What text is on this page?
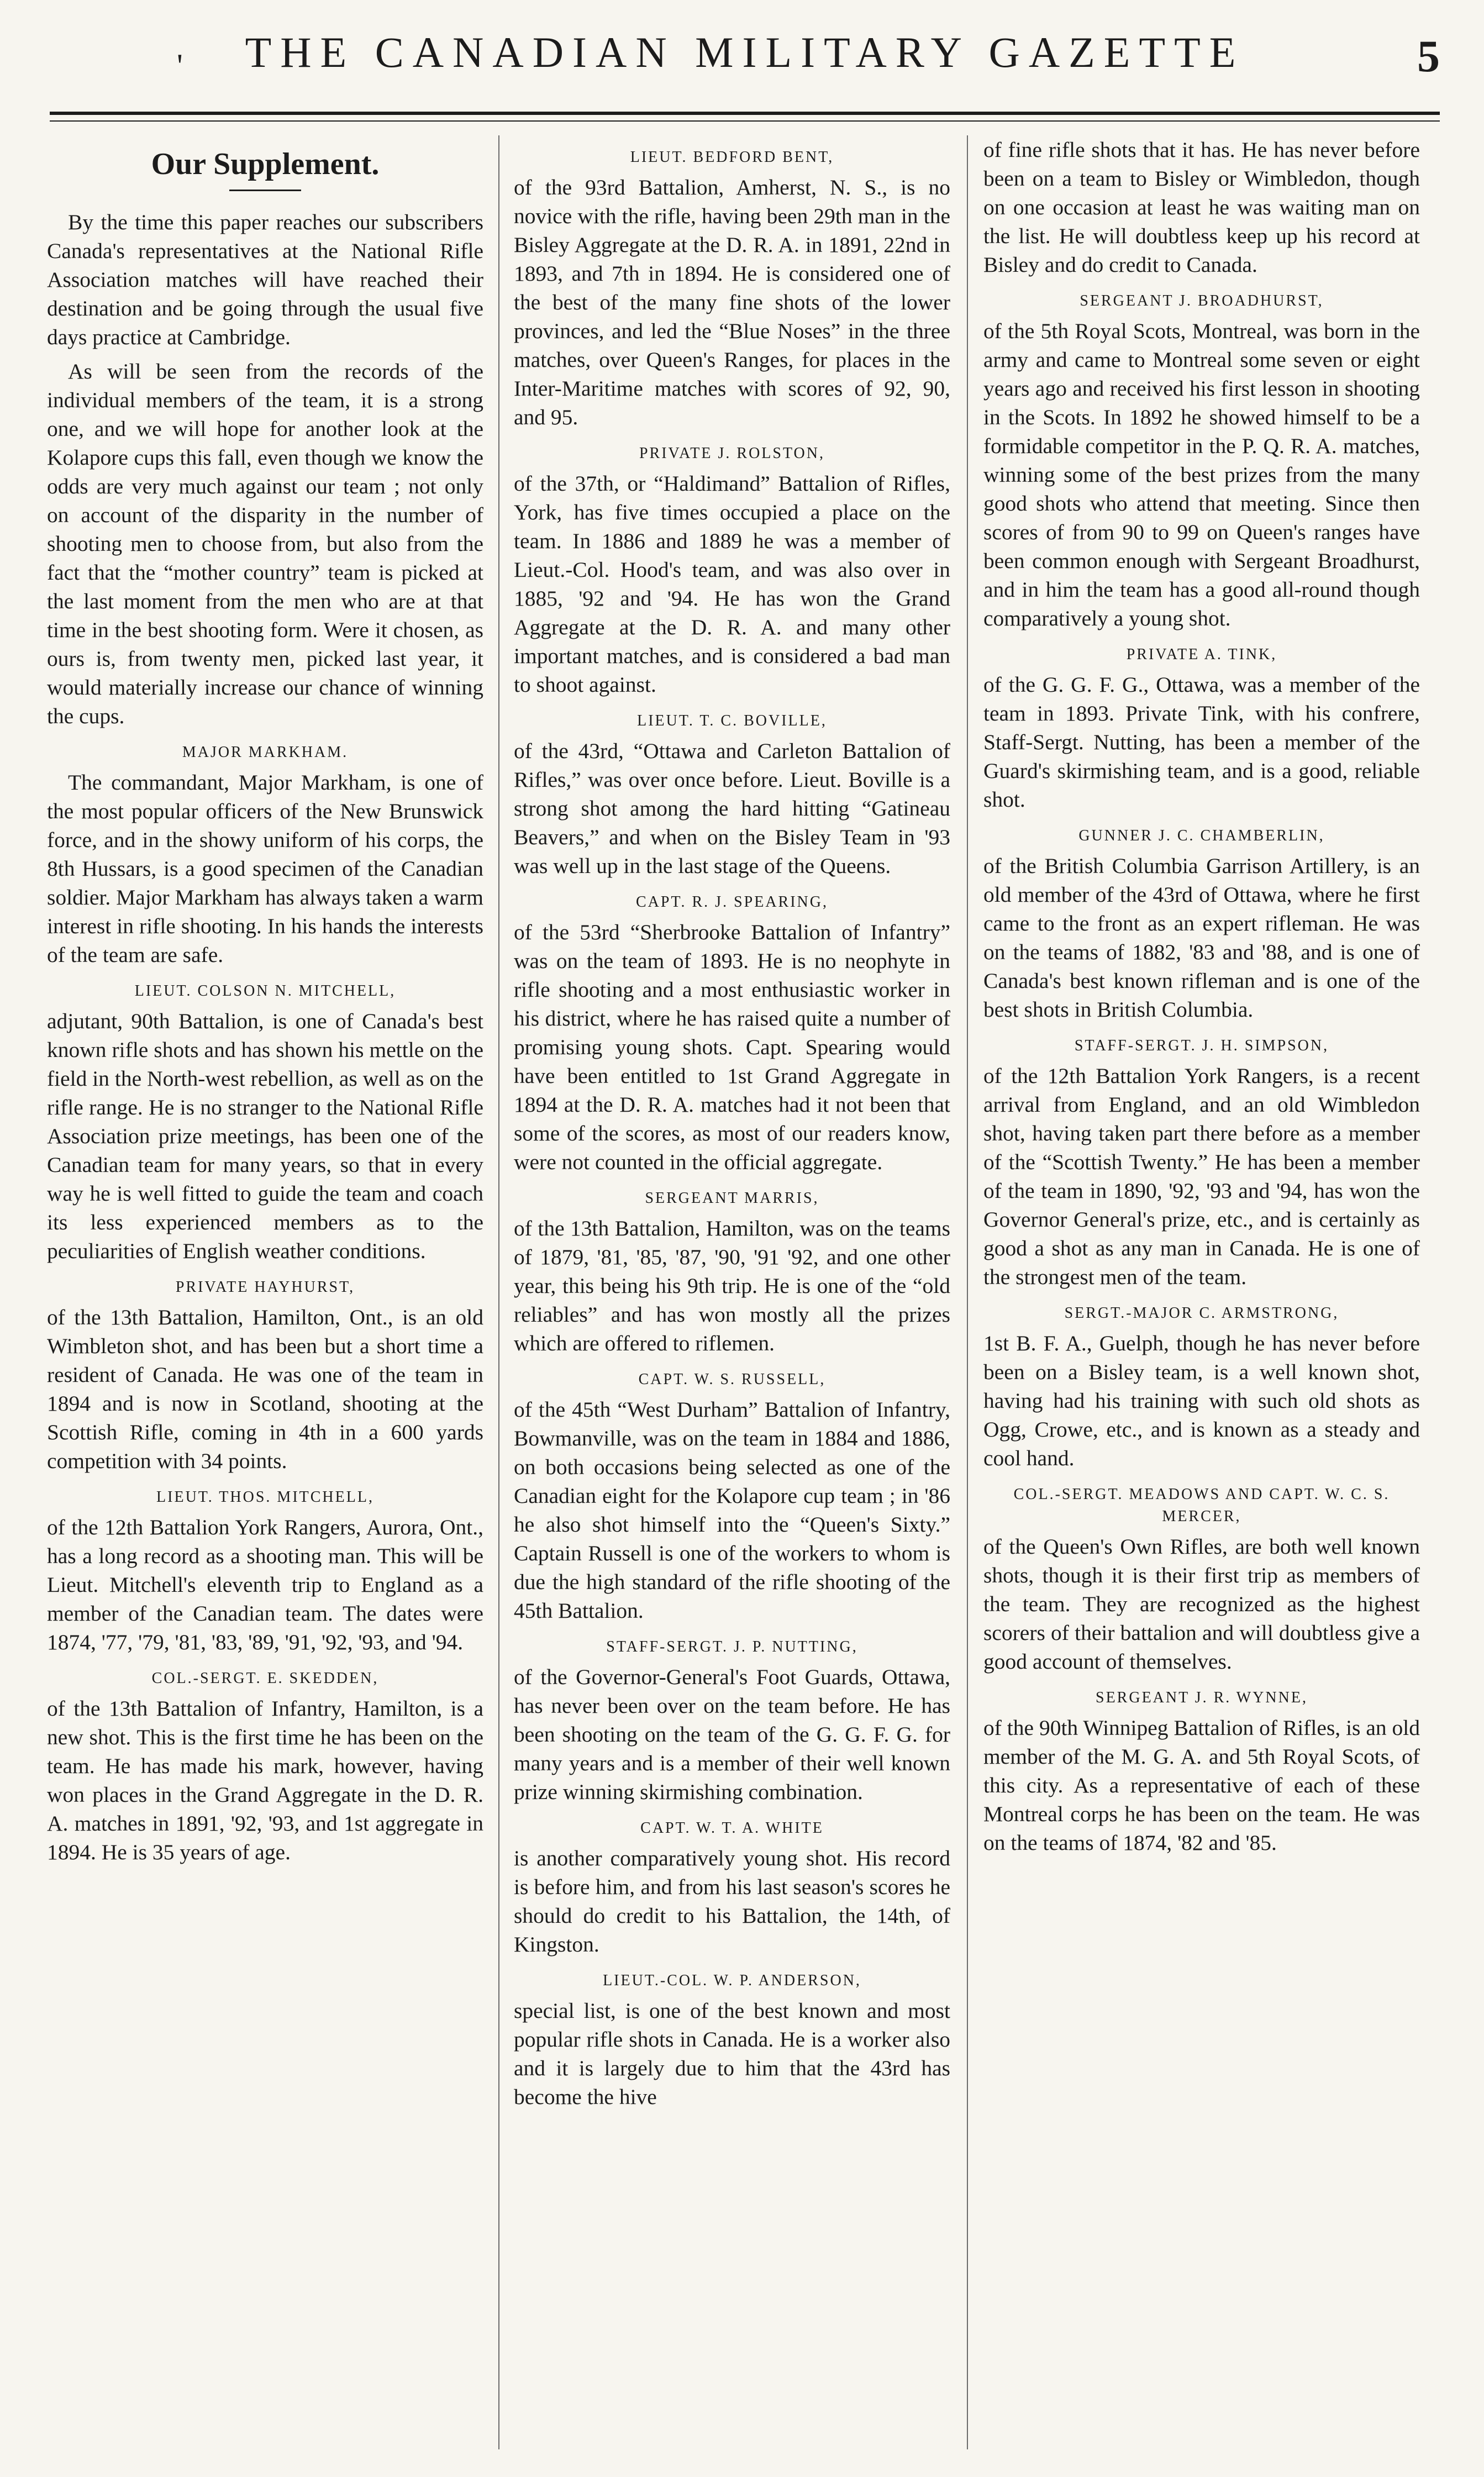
'	THE CANADIAN MILITARY GAZETTE	5
Our Supplement.

By the time this paper reaches our subscribers Canada's representatives at the National Rifle Association matches will have reached their destination and be going through the usual five days practice at Cambridge.

As will be seen from the records of the individual members of the team, it is a strong one, and we will hope for another look at the Kolapore cups this fall, even though we know the odds are very much against our team ; not only on account of the disparity in the number of shooting men to choose from, but also from the fact that the “mother country” team is picked at the last moment from the men who are at that time in the best shooting form. Were it chosen, as ours is, from twenty men, picked last year, it would materially increase our chance of winning the cups.

MAJOR MARKHAM.

The commandant, Major Markham, is one of the most popular officers of the New Brunswick force, and in the showy uniform of his corps, the 8th Hussars, is a good specimen of the Canadian soldier. Major Markham has always taken a warm interest in rifle shooting. In his hands the interests of the team are safe.

LIEUT. COLSON N. MITCHELL,

adjutant, 90th Battalion, is one of Canada's best known rifle shots and has shown his mettle on the field in the North-west rebellion, as well as on the rifle range. He is no stranger to the National Rifle Association prize meetings, has been one of the Canadian team for many years, so that in every way he is well fitted to guide the team and coach its less experienced members as to the peculiarities of English weather conditions.

PRIVATE HAYHURST,

of the 13th Battalion, Hamilton, Ont., is an old Wimbleton shot, and has been but a short time a resident of Canada. He was one of the team in 1894 and is now in Scotland, shooting at the Scottish Rifle, coming in 4th in a 600 yards competition with 34 points.

LIEUT. THOS. MITCHELL,

of the 12th Battalion York Rangers, Aurora, Ont., has a long record as a shooting man. This will be Lieut. Mitchell's eleventh trip to England as a member of the Canadian team. The dates were 1874, '77, '79, '81, '83, '89, '91, '92, '93, and '94.

COL.-SERGT. E. SKEDDEN,

of the 13th Battalion of Infantry, Hamilton, is a new shot. This is the first time he has been on the team. He has made his mark, however, having won places in the Grand Aggregate in the D. R. A. matches in 1891, '92, '93, and 1st aggregate in 1894. He is 35 years of age.

LIEUT. BEDFORD BENT,

of the 93rd Battalion, Amherst, N. S., is no novice with the rifle, having been 29th man in the Bisley Aggregate at the D. R. A. in 1891, 22nd in 1893, and 7th in 1894. He is considered one of the best of the many fine shots of the lower provinces, and led the “Blue Noses” in the three matches, over Queen's Ranges, for places in the Inter-Maritime matches with scores of 92, 90, and 95.

PRIVATE J. ROLSTON,

of the 37th, or “Haldimand” Battalion of Rifles, York, has five times occupied a place on the team. In 1886 and 1889 he was a member of Lieut.-Col. Hood's team, and was also over in 1885, '92 and '94. He has won the Grand Aggregate at the D. R. A. and many other important matches, and is considered a bad man to shoot against.

LIEUT. T. C. BOVILLE,

of the 43rd, “Ottawa and Carleton Battalion of Rifles,” was over once before. Lieut. Boville is a strong shot among the hard hitting “Gatineau Beavers,” and when on the Bisley Team in '93 was well up in the last stage of the Queens.

CAPT. R. J. SPEARING,

of the 53rd “Sherbrooke Battalion of Infantry” was on the team of 1893. He is no neophyte in rifle shooting and a most enthusiastic worker in his district, where he has raised quite a number of promising young shots. Capt. Spearing would have been entitled to 1st Grand Aggregate in 1894 at the D. R. A. matches had it not been that some of the scores, as most of our readers know, were not counted in the official aggregate.

SERGEANT MARRIS,

of the 13th Battalion, Hamilton, was on the teams of 1879, '81, '85, '87, '90, '91 '92, and one other year, this being his 9th trip. He is one of the “old reliables” and has won mostly all the prizes which are offered to riflemen.

CAPT. W. S. RUSSELL,

of the 45th “West Durham” Battalion of Infantry, Bowmanville, was on the team in 1884 and 1886, on both occasions being selected as one of the Canadian eight for the Kolapore cup team ; in '86 he also shot himself into the “Queen's Sixty.” Captain Russell is one of the workers to whom is due the high standard of the rifle shooting of the 45th Battalion.

STAFF-SERGT. J. P. NUTTING,

of the Governor-General's Foot Guards, Ottawa, has never been over on the team before. He has been shooting on the team of the G. G. F. G. for many years and is a member of their well known prize winning skirmishing combination.

CAPT. W. T. A. WHITE

is another comparatively young shot. His record is before him, and from his last season's scores he should do credit to his Battalion, the 14th, of Kingston.

LIEUT.-COL. W. P. ANDERSON,

special list, is one of the best known and most popular rifle shots in Canada. He is a worker also and it is largely due to him that the 43rd has become the hive

of fine rifle shots that it has. He has never before been on a team to Bisley or Wimbledon, though on one occasion at least he was waiting man on the list. He will doubtless keep up his record at Bisley and do credit to Canada.

SERGEANT J. BROADHURST,

of the 5th Royal Scots, Montreal, was born in the army and came to Montreal some seven or eight years ago and received his first lesson in shooting in the Scots. In 1892 he showed himself to be a formidable competitor in the P. Q. R. A. matches, winning some of the best prizes from the many good shots who attend that meeting. Since then scores of from 90 to 99 on Queen's ranges have been common enough with Sergeant Broadhurst, and in him the team has a good all-round though comparatively a young shot.

PRIVATE A. TINK,

of the G. G. F. G., Ottawa, was a member of the team in 1893. Private Tink, with his confrere, Staff-Sergt. Nutting, has been a member of the Guard's skirmishing team, and is a good, reliable shot.

GUNNER J. C. CHAMBERLIN,

of the British Columbia Garrison Artillery, is an old member of the 43rd of Ottawa, where he first came to the front as an expert rifleman. He was on the teams of 1882, '83 and '88, and is one of Canada's best known rifleman and is one of the best shots in British Columbia.

STAFF-SERGT. J. H. SIMPSON,

of the 12th Battalion York Rangers, is a recent arrival from England, and an old Wimbledon shot, having taken part there before as a member of the “Scottish Twenty.” He has been a member of the team in 1890, '92, '93 and '94, has won the Governor General's prize, etc., and is certainly as good a shot as any man in Canada. He is one of the strongest men of the team.

SERGT.-MAJOR C. ARMSTRONG,

1st B. F. A., Guelph, though he has never before been on a Bisley team, is a well known shot, having had his training with such old shots as Ogg, Crowe, etc., and is known as a steady and cool hand.

COL.-SERGT. MEADOWS AND CAPT. W. C. S. MERCER,

of the Queen's Own Rifles, are both well known shots, though it is their first trip as members of the team. They are recognized as the highest scorers of their battalion and will doubtless give a good account of themselves.

SERGEANT J. R. WYNNE,

of the 90th Winnipeg Battalion of Rifles, is an old member of the M. G. A. and 5th Royal Scots, of this city. As a representative of each of these Montreal corps he has been on the team. He was on the teams of 1874, '82 and '85.
